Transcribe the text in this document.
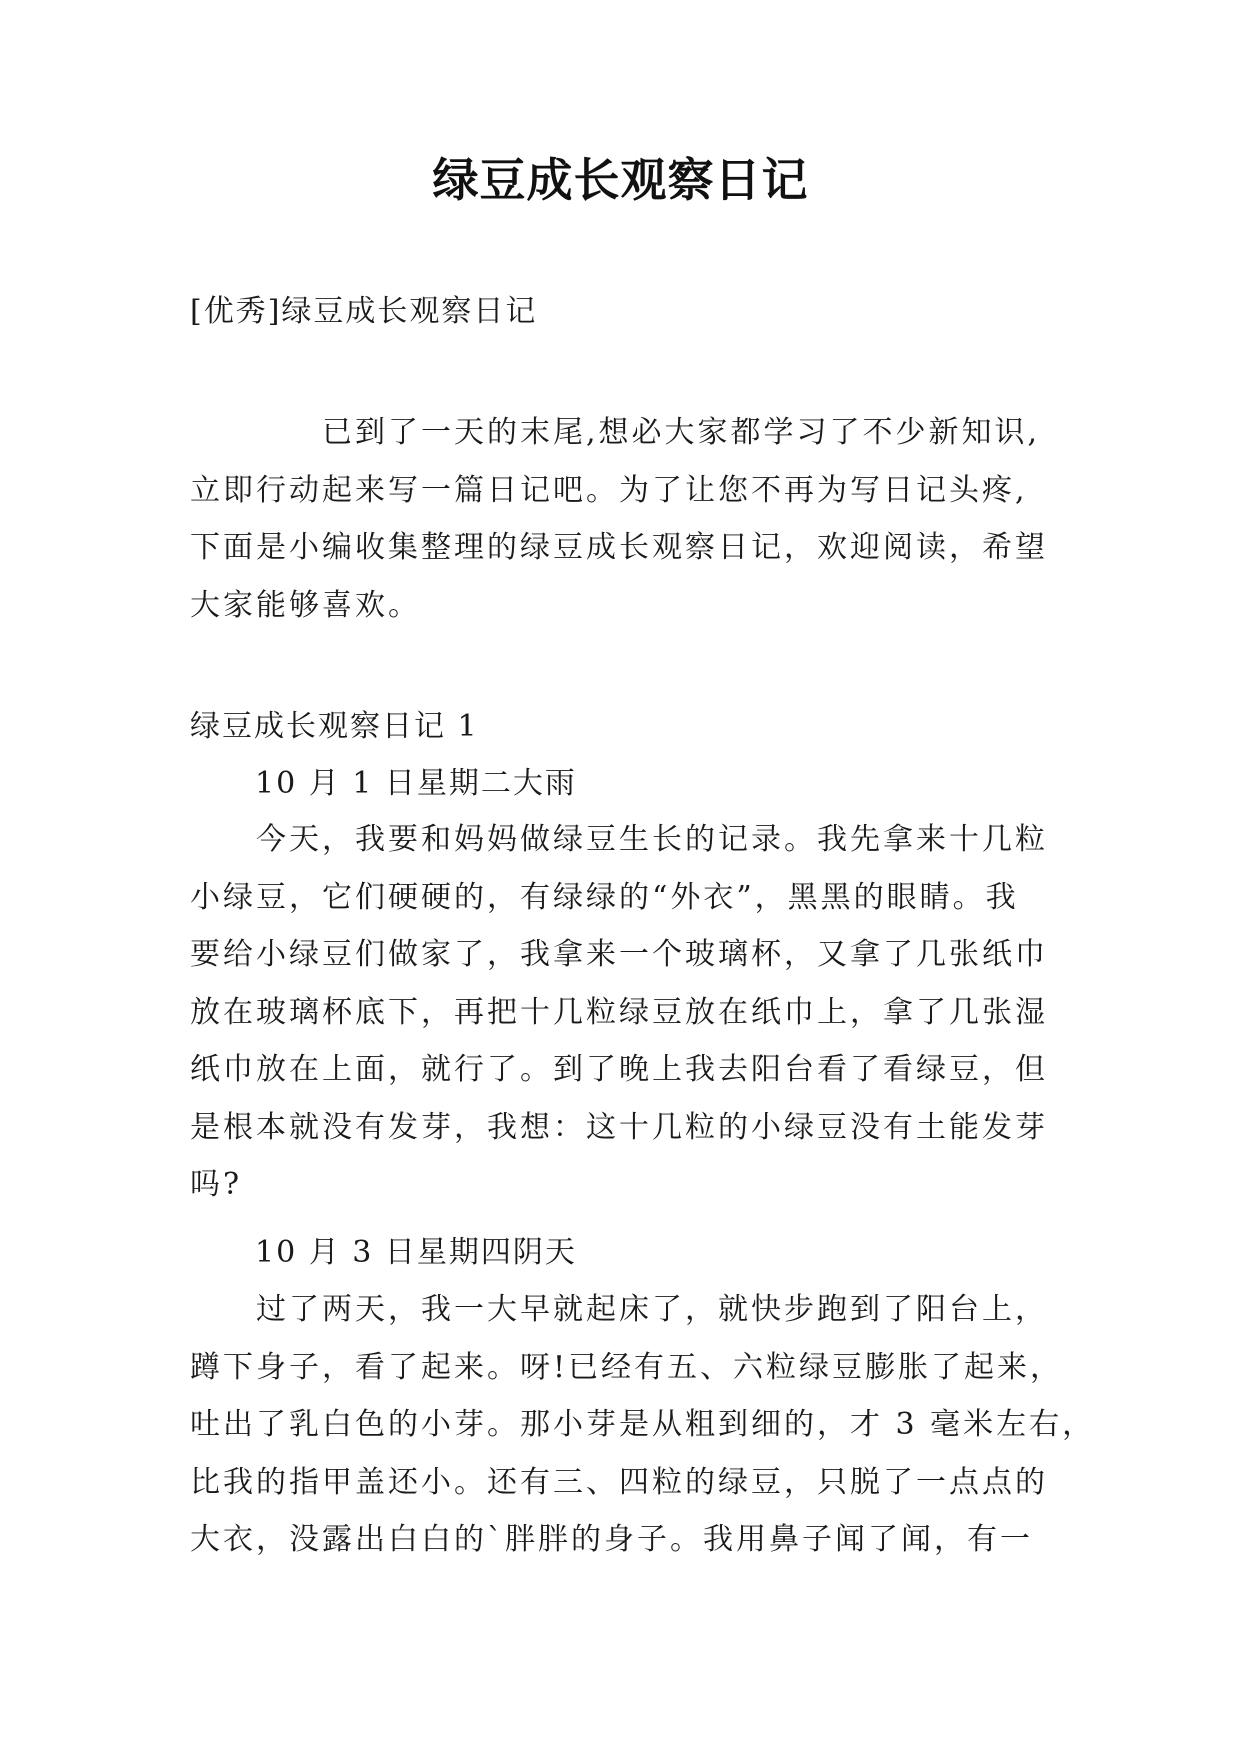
绿豆成长观察日记
[优秀]绿豆成长观察日记
　　　　已到了一天的末尾,想必大家都学习了不少新知识,
立即行动起来写一篇日记吧。为了让您不再为写日记头疼,
下面是小编收集整理的绿豆成长观察日记，欢迎阅读，希望
大家能够喜欢。
绿豆成长观察日记 1
10 月 1 日星期二大雨
　　今天，我要和妈妈做绿豆生长的记录。我先拿来十几粒
小绿豆，它们硬硬的，有绿绿的“外衣”，黑黑的眼睛。我
要给小绿豆们做家了，我拿来一个玻璃杯，又拿了几张纸巾
放在玻璃杯底下，再把十几粒绿豆放在纸巾上，拿了几张湿
纸巾放在上面，就行了。到了晚上我去阳台看了看绿豆，但
是根本就没有发芽，我想：这十几粒的小绿豆没有土能发芽
吗?
10 月 3 日星期四阴天
　　过了两天，我一大早就起床了，就快步跑到了阳台上，
蹲下身子，看了起来。呀!已经有五、六粒绿豆膨胀了起来，
吐出了乳白色的小芽。那小芽是从粗到细的，才 3 毫米左右，
比我的指甲盖还小。还有三、四粒的绿豆，只脱了一点点的
大衣，没露出白白的`胖胖的身子。我用鼻子闻了闻，有一
